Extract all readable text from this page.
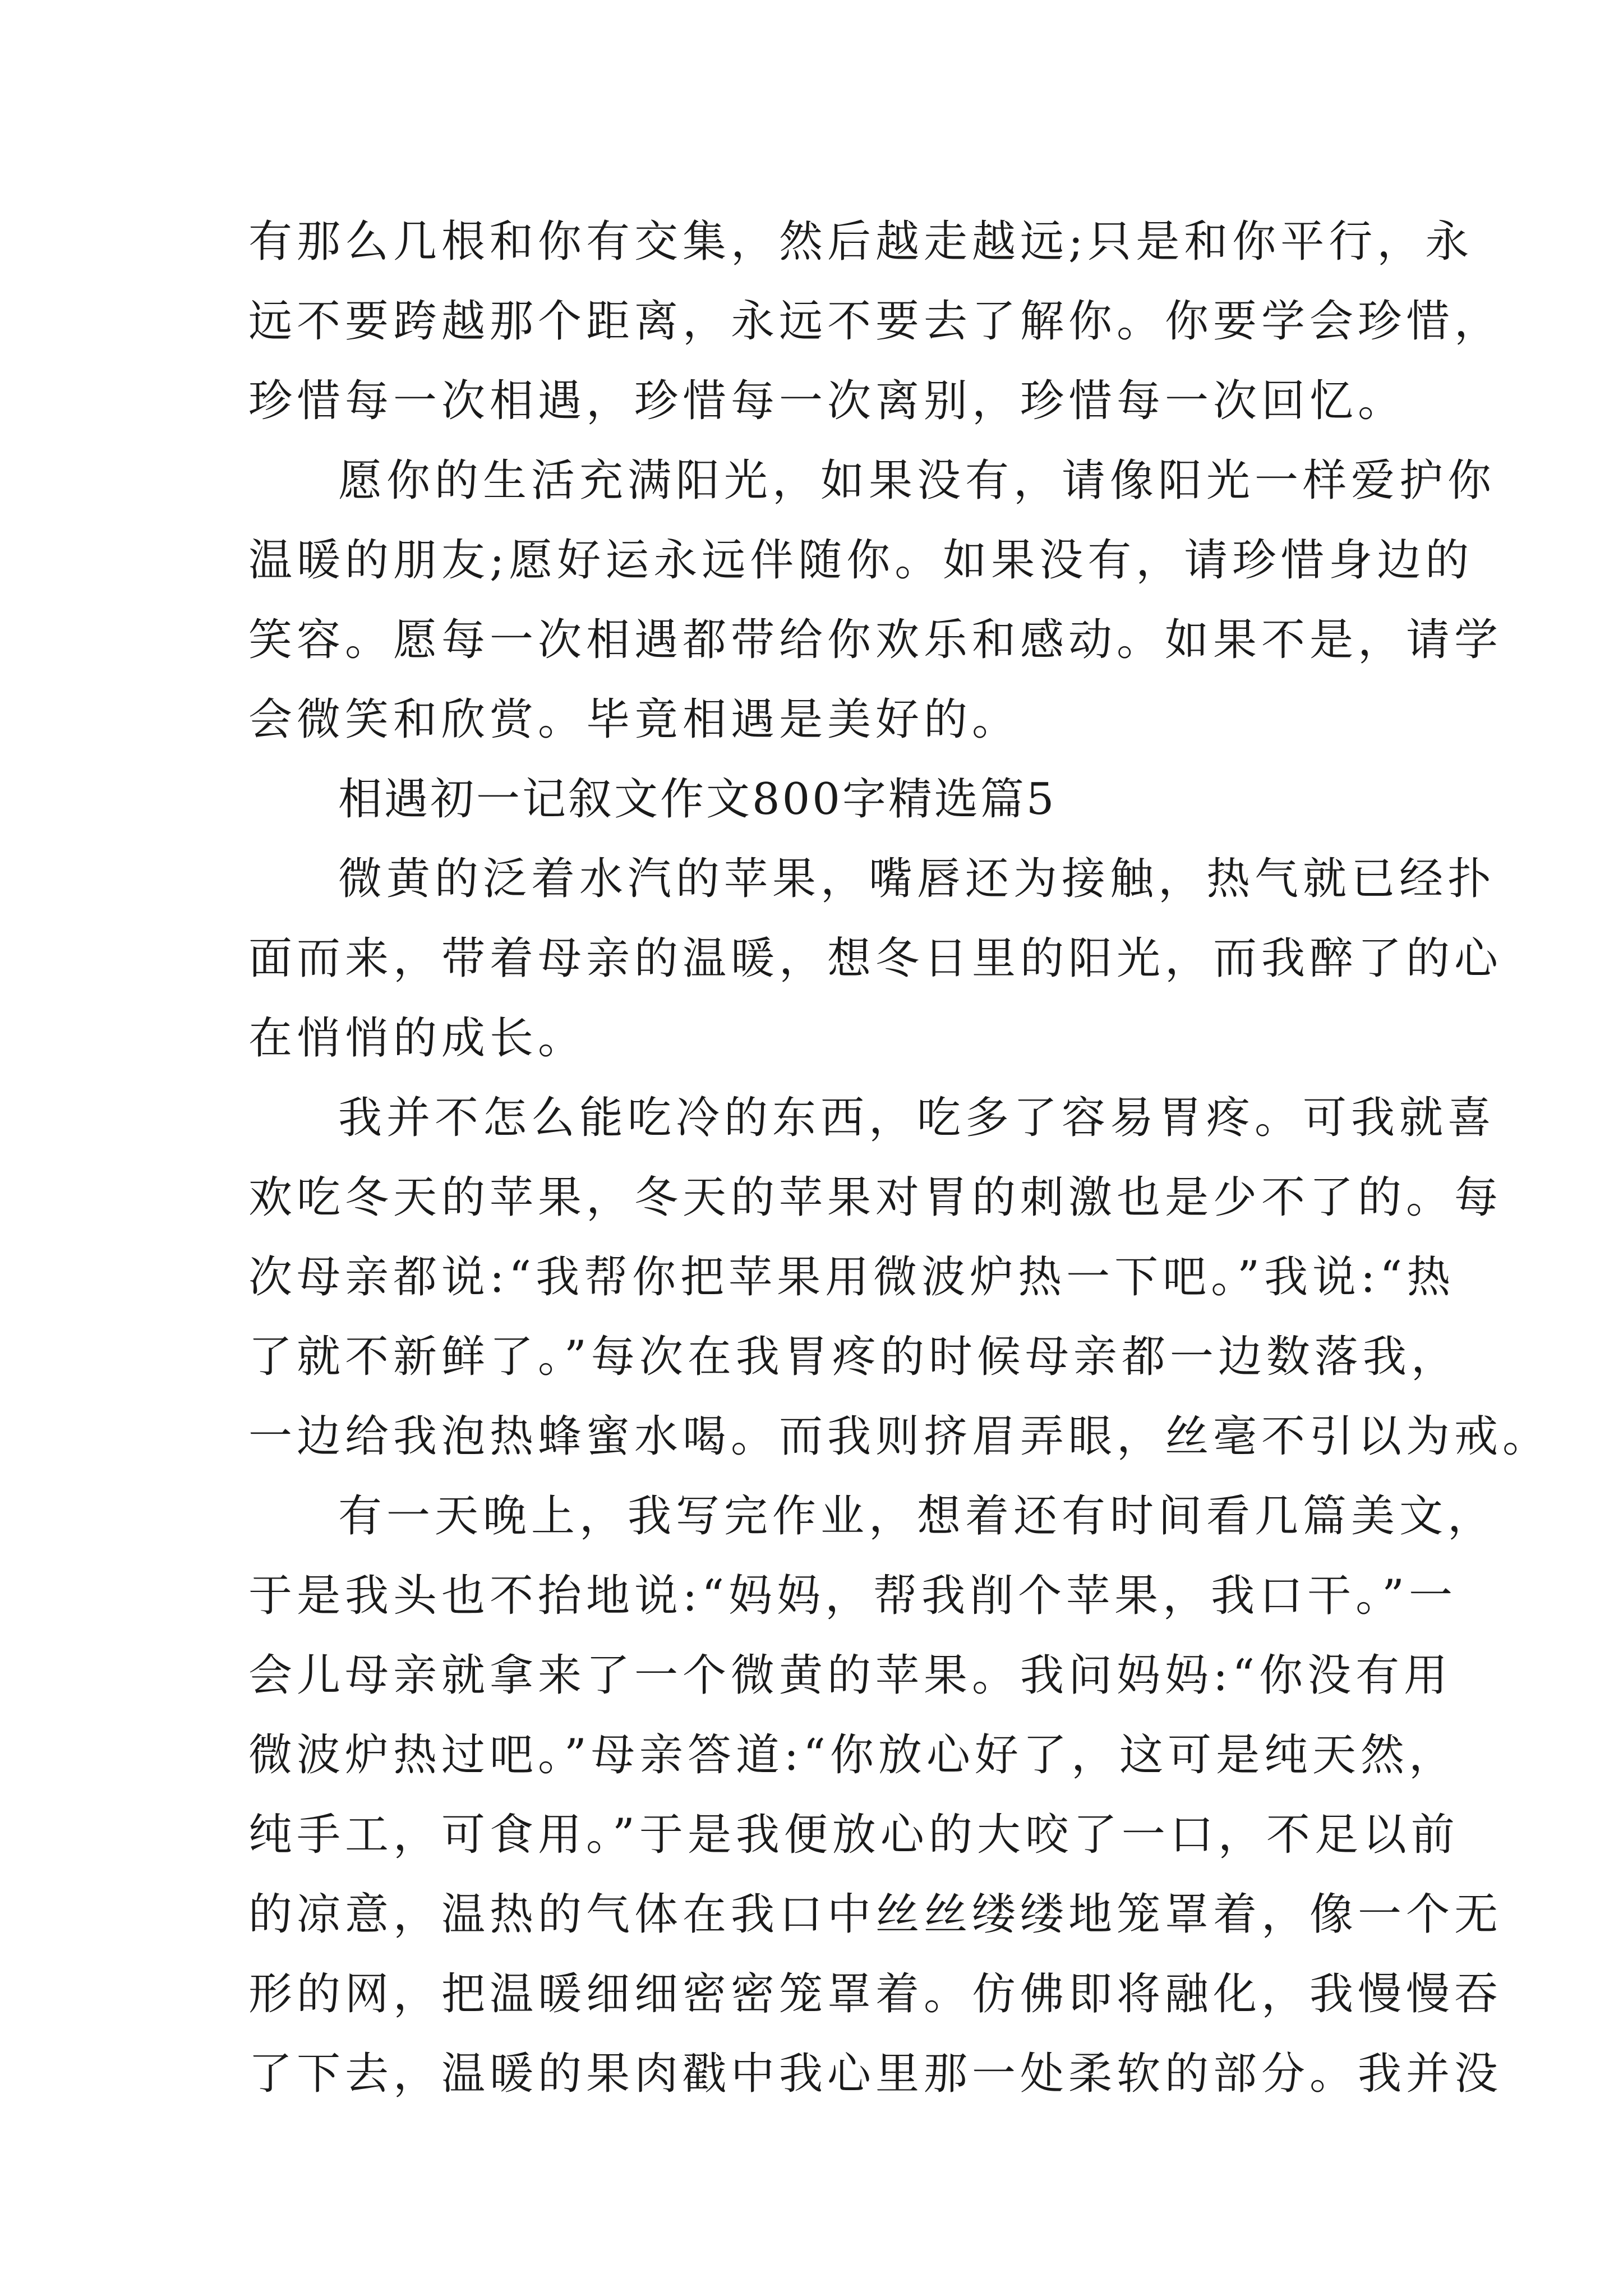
有那么几根和你有交集，然后越走越远;只是和你平行，永
远不要跨越那个距离，永远不要去了解你。你要学会珍惜，
珍惜每一次相遇，珍惜每一次离别，珍惜每一次回忆。
愿你的生活充满阳光，如果没有，请像阳光一样爱护你
温暖的朋友;愿好运永远伴随你。如果没有，请珍惜身边的
笑容。愿每一次相遇都带给你欢乐和感动。如果不是，请学
会微笑和欣赏。毕竟相遇是美好的。
相遇初一记叙文作文800字精选篇5
微黄的泛着水汽的苹果，嘴唇还为接触，热气就已经扑
面而来，带着母亲的温暖，想冬日里的阳光，而我醉了的心
在悄悄的成长。
我并不怎么能吃冷的东西，吃多了容易胃疼。可我就喜
欢吃冬天的苹果，冬天的苹果对胃的刺激也是少不了的。每
次母亲都说:“我帮你把苹果用微波炉热一下吧。”我说:“热
了就不新鲜了。”每次在我胃疼的时候母亲都一边数落我，
一边给我泡热蜂蜜水喝。而我则挤眉弄眼，丝毫不引以为戒。
有一天晚上，我写完作业，想着还有时间看几篇美文，
于是我头也不抬地说:“妈妈，帮我削个苹果，我口干。”一
会儿母亲就拿来了一个微黄的苹果。我问妈妈:“你没有用
微波炉热过吧。”母亲答道:“你放心好了，这可是纯天然，
纯手工，可食用。”于是我便放心的大咬了一口，不足以前
的凉意，温热的气体在我口中丝丝缕缕地笼罩着，像一个无
形的网，把温暖细细密密笼罩着。仿佛即将融化，我慢慢吞
了下去，温暖的果肉戳中我心里那一处柔软的部分。我并没
